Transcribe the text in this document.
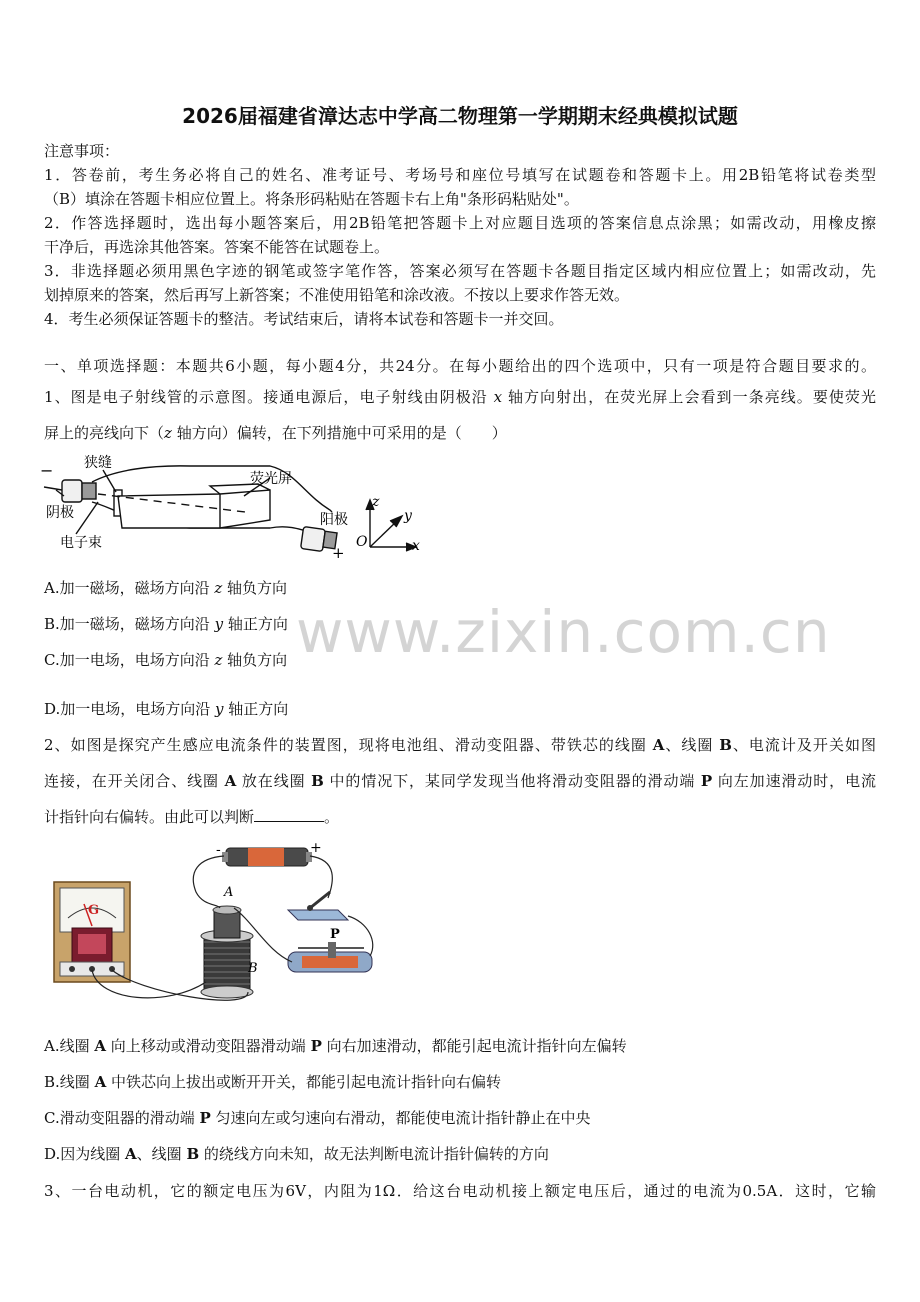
www.zixin.com.cn
2026届福建省漳达志中学高二物理第一学期期末经典模拟试题
注意事项：
1．答卷前，考生务必将自己的姓名、准考证号、考场号和座位号填写在试题卷和答题卡上。用2B铅笔将试卷类型
（B）填涂在答题卡相应位置上。将条形码粘贴在答题卡右上角"条形码粘贴处"。
2．作答选择题时，选出每小题答案后，用2B铅笔把答题卡上对应题目选项的答案信息点涂黑；如需改动，用橡皮擦
干净后，再选涂其他答案。答案不能答在试题卷上。
3．非选择题必须用黑色字迹的钢笔或签字笔作答，答案必须写在答题卡各题目指定区域内相应位置上；如需改动，先
划掉原来的答案，然后再写上新答案；不准使用铅笔和涂改液。不按以上要求作答无效。
4．考生必须保证答题卡的整洁。考试结束后，请将本试卷和答题卡一并交回。
一、单项选择题：本题共6小题，每小题4分，共24分。在每小题给出的四个选项中，只有一项是符合题目要求的。
1、图是电子射线管的示意图。接通电源后，电子射线由阴极沿 x 轴方向射出，在荧光屏上会看到一条亮线。要使荧光
屏上的亮线向下（z 轴方向）偏转，在下列措施中可采用的是（　　）
狭缝
荧光屏
阴极	阳极
电子束
−
+
z
y
x
O
A.加一磁场，磁场方向沿 z 轴负方向
B.加一磁场，磁场方向沿 y 轴正方向
C.加一电场，电场方向沿 z 轴负方向
D.加一电场，电场方向沿 y 轴正方向
2、如图是探究产生感应电流条件的装置图，现将电池组、滑动变阻器、带铁芯的线圈 A、线圈 B、电流计及开关如图
连接，在开关闭合、线圈 A 放在线圈 B 中的情况下，某同学发现当他将滑动变阻器的滑动端 P 向左加速滑动时，电流
计指针向右偏转。由此可以判断	。
G
-	+
P
A
B
A.线圈 A 向上移动或滑动变阻器滑动端 P 向右加速滑动，都能引起电流计指针向左偏转
B.线圈 A 中铁芯向上拔出或断开开关，都能引起电流计指针向右偏转
C.滑动变阻器的滑动端 P 匀速向左或匀速向右滑动，都能使电流计指针静止在中央
D.因为线圈 A、线圈 B 的绕线方向未知，故无法判断电流计指针偏转的方向
3、一台电动机，它的额定电压为6V，内阻为1Ω．给这台电动机接上额定电压后，通过的电流为0.5A．这时，它输
